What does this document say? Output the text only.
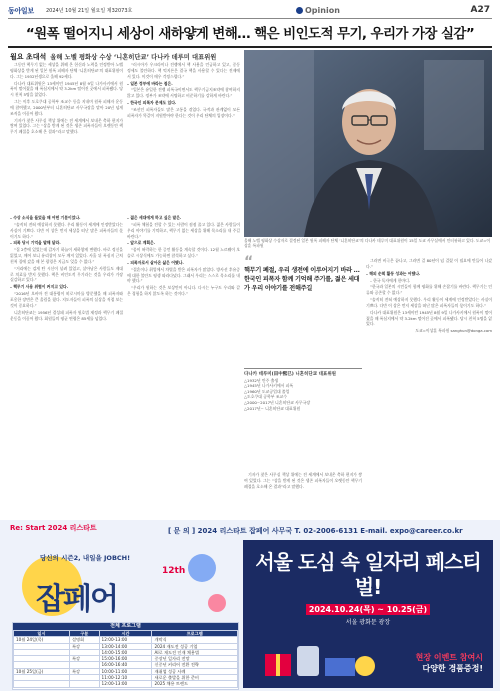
동아일보 2024년 10월 21일 월요일 제32073호	Opinion	A27
“원폭 떨어지니 세상이 새하얗게 변해… 핵은 비인도적 무기, 우리가 가장 실감”
월요 초대석 올해 노벨 평화상 수상 ‘니혼히단쿄’ 다나카 데루미 대표위원

그동안 핵무기 없는 세상을 위해 온 헌신과 노력을 인정받아 노벨 평화상을 받게 된 일본 원폭 피해자 단체 ‘니혼히단쿄’의 대표위원이다. 그는 1932년생으로 올해 92세다.

다나카 대표위원은 13세이던 1945년 8월 9일 나가사키에서 원폭이 떨어졌을 때 폭심지에서 약 3.2km 떨어진 곳에서 피폭됐다. 당시 친척 5명을 잃었다.

그는 이후 도호쿠대 공학부 조교수 등을 지내며 원폭 피해자 운동에 참여했고, 2000년부터 니혼히단쿄 사무국장을 맡아 20년 넘게 조직을 이끌어 왔다.

기자가 찾은 사무실 책상 위에는 전 세계에서 보내온 축하 편지가 쌓여 있었다. 그는 “상을 받게 된 것은 생존 피폭자들이 오랫동안 핵무기 폐절을 호소해 온 결과”라고 말했다.

– 수상 소식을 들었을 때 어떤 기분이었나.

“솔직히 전혀 예상하지 못했다. 우리 활동이 세계에 인정받았다는 사실이 기쁘다. 다만 이 상은 먼저 세상을 떠난 많은 피폭자들의 몫이기도 하다.”

– 피폭 당시 기억을 말해 달라.

“집 2층에 있었는데 갑자기 하늘이 새하얗게 변했다. 바로 정신을 잃었고, 깨어 보니 유리창이 모두 깨져 있었다. 사흘 뒤 폭심지 근처 친척 집에 갔을 때 본 광경은 지금도 잊을 수 없다.”

“거리에는 검게 탄 시신이 널려 있었고, 살아남은 사람들도 제대로 치료를 받지 못했다. 핵은 비인도적 무기라는 것을 우리가 가장 실감하고 있다.”

– 핵무기 사용 위협이 커지고 있다.

“2016년 오바마 전 대통령이 히로시마를 방문했을 때 피폭자와 포옹한 장면은 큰 울림을 줬다. 지도자들이 피폭의 실상을 직접 보는 것이 중요하다.”

니혼히단쿄는 1956년 결성돼 피폭자 원호법 제정과 핵무기 폐절 운동을 이끌어 왔다. 회원들의 평균 연령은 85세를 넘었다.

“러시아가 우크라이나 전쟁에서 핵 사용을 언급하고 있고, 중동 정세도 불안하다. 핵 억지론은 결국 핵을 사용할 수 있다는 전제에 서 있다. 이것이 매우 걱정스럽다.”

– 일본 정부에 바라는 점은.

“일본은 유일한 전쟁 피폭국이면서도 핵무기금지조약에 참여하지 않고 있다. 정부가 조약에 서명하고 비준하기를 강하게 바란다.”

– 한국인 피폭자 문제도 있다.

“조선인 피폭자들도 많은 고통을 겪었다. 국적과 관계없이 모든 피폭자가 똑같이 지원받아야 한다는 것이 우리 단체의 입장이다.”

– 젊은 세대에게 하고 싶은 말은.

“피폭 체험을 전할 수 있는 사람이 점점 줄고 있다. 젊은 사람들이 우리 이야기를 기억하고, 핵무기 없는 세상을 위해 목소리를 내 주길 바란다.”

– 앞으로 계획은.

“몸이 허락하는 한 증언 활동을 계속할 것이다. 12월 노르웨이 오슬로 시상식에도 가능하면 참석하고 싶다.”

– 피폭자로서 살아온 삶은 어땠나.

“결혼이나 취업에서 차별을 받은 피폭자가 많았다. 방사선 후유증에 대한 불안도 평생 따라다녔다. 그래서 우리는 스스로 목소리를 내야 했다.”

“우리가 원하는 것은 보상만이 아니다. 다시는 누구도 우리와 같은 경험을 하지 않도록 하는 것이다.”

올해 노벨 평화상 수상자로 결정된 일본 원폭 피해자 단체 ‘니혼히단쿄’의 다나카 데루미 대표위원이 15일 도쿄 사무실에서 인터뷰하고 있다. 도쿄=이상훈 특파원
“
핵무기 폐절, 우리 생전에 이루어지기 바라 … 한국인 피폭자 함께 기억해 주기를, 젊은 세대가 우리 이야기를 전해주길

그러면 비극은 끝나고, 그러면 걸 80년이 넘 걸렸 이 필요에 만들어 나갔다.”

– 해외 순회 활동 성과는 어땠나.

– 한국 독자에게 한마디.

“한국과 일본의 시민들이 함께 평화를 위해 손잡기를 바란다. 핵무기는 인류와 공존할 수 없다.”

“솔직히 전혀 예상하지 못했다. 우리 활동이 세계에 인정받았다는 사실이 기쁘다. 다만 이 상은 먼저 세상을 떠난 많은 피폭자들의 몫이기도 하다.”

다나카 대표위원은 13세이던 1945년 8월 9일 나가사키에서 원폭이 떨어졌을 때 폭심지에서 약 3.2km 떨어진 곳에서 피폭됐다. 당시 친척 5명을 잃었다.

도쿄=이상훈 특파원 sanghun@donga.com

다나카 데루미(田中熙巳) 니혼히단쿄 대표위원
△1932년 만주 출생
△1945년 나가사키에서 피폭
△1960년 도쿄공업대 졸업
△도호쿠대 공학부 조교수
△2000~2017년 니혼히단쿄 사무국장
△2017년~ 니혼히단쿄 대표위원

기자가 찾은 사무실 책상 위에는 전 세계에서 보내온 축하 편지가 쌓여 있었다. 그는 “상을 받게 된 것은 생존 피폭자들이 오랫동안 핵무기 폐절을 호소해 온 결과”라고 말했다.

Re: Start 2024 리스타트	[ 문 의 ] 2024 리스타트 잡페어 사무국 T. 02-2006-6131 E-mail. expo@career.co.kr
당신의 시즌2, 내일을 JOBCH!
잡페어
12th
전체 프로그램
일시	구분	시간	프로그램
10월 24일(목)	설명회	12:00-13:00	개막식
	특강	13:00-14:00	2024 재도전 성공 기업
		14:00-15:00	AI로 재도전 인재 채용법
	특강	15:00-16:00	중장년 일자리 전망
		16:00-16:40	신중년 커리어 전환 전략
10월 25일(금)	특강	10:00-11:00	재취업 성공 사례
		11:00-12:10	새로운 출발을 위한 준비
		12:00-13:00	2025 채용 트렌드
서울 도심 속 일자리 페스티벌!
2024.10.24(목) ~ 10.25(금)
서울 광화문 광장
현장 이벤트 참여시
다양한 경품증정!
